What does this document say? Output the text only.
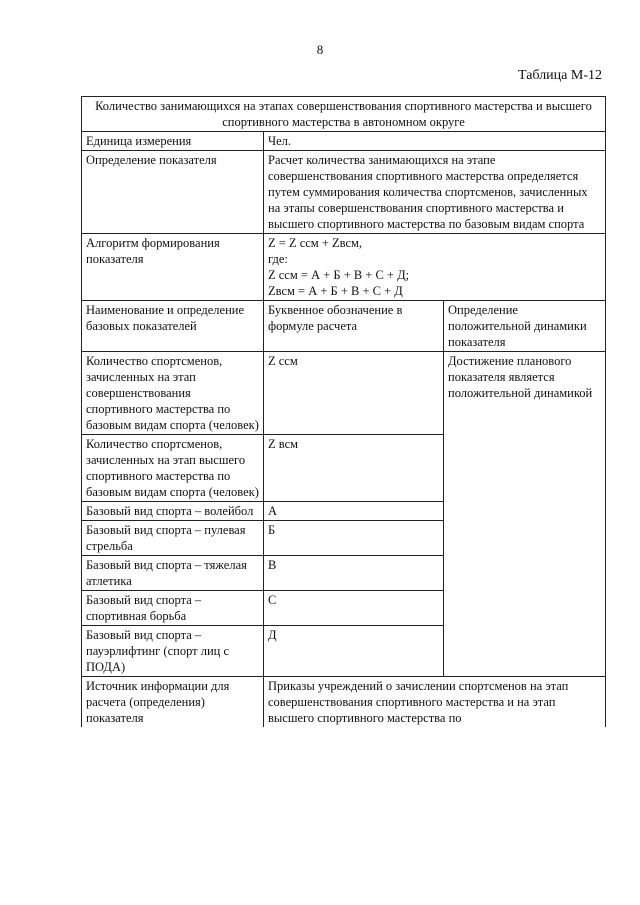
8
Таблица М-12
Количество занимающихся на этапах совершенствования спортивного мастерства и высшего спортивного мастерства в автономном округе		
Единица измерения	Чел.	
Определение показателя	Расчет количества занимающихся на этапе совершенствования спортивного мастерства определяется путем суммирования количества спортсменов, зачисленных на этапы совершенствования спортивного мастерства и высшего спортивного мастерства по базовым видам спорта	
Алгоритм формирования показателя	Z = Z ссм + Zвсм,
где:
Z ссм = А + Б + В + С + Д;
Zвсм = А + Б + В + С + Д	

Наименование и определение базовых показателей	Буквенное обозначение в формуле расчета	Определение положительной динамики показателя
Количество спортсменов, зачисленных на этап совершенствования спортивного мастерства по базовым видам спорта (человек)	Z ссм	Достижение планового показателя является положительной динамикой
Количество спортсменов, зачисленных на этап высшего спортивного мастерства по базовым видам спорта (человек)	Z всм	
Базовый вид спорта – волейбол	А	
Базовый вид спорта – пулевая стрельба	Б	
Базовый вид спорта – тяжелая атлетика	В	
Базовый вид спорта – спортивная борьба	С	
Базовый вид спорта – пауэрлифтинг (спорт лиц с ПОДА)	Д	
Источник информации для расчета (определения) показателя	Приказы учреждений о зачислении спортсменов на этап совершенствования спортивного мастерства и на этап высшего спортивного мастерства по	
